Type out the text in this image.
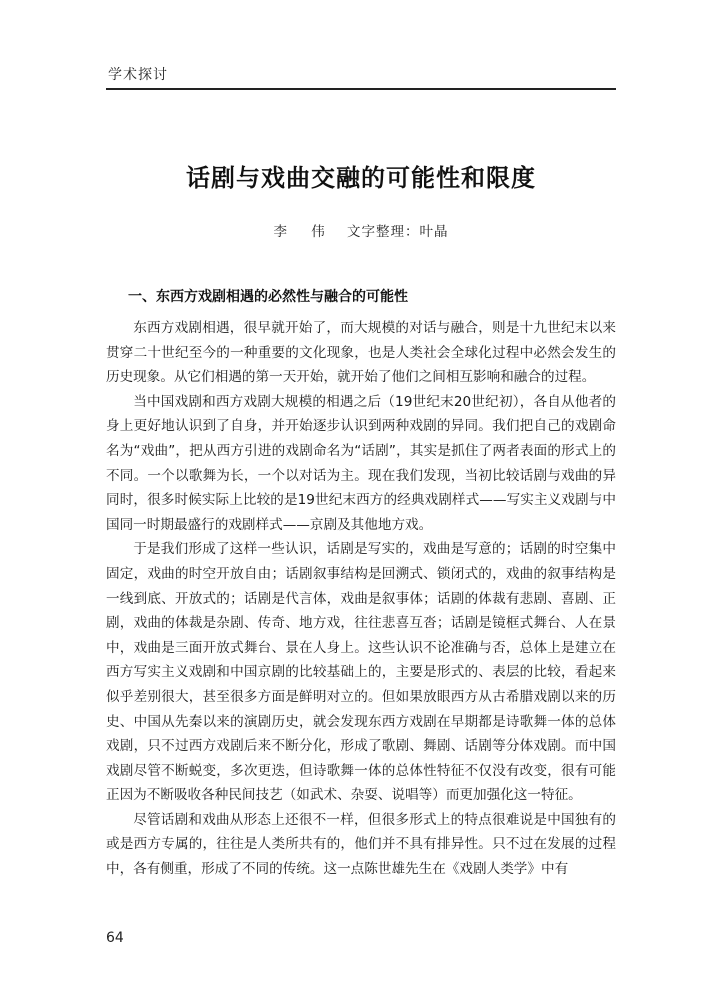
学术探讨
话剧与戏曲交融的可能性和限度
李 伟 文字整理：叶晶
一、东西方戏剧相遇的必然性与融合的可能性

东西方戏剧相遇，很早就开始了，而大规模的对话与融合，则是十九世纪末以来贯穿二十世纪至今的一种重要的文化现象，也是人类社会全球化过程中必然会发生的历史现象。从它们相遇的第一天开始，就开始了他们之间相互影响和融合的过程。

当中国戏剧和西方戏剧大规模的相遇之后（19世纪末20世纪初），各自从他者的身上更好地认识到了自身，并开始逐步认识到两种戏剧的异同。我们把自己的戏剧命名为“戏曲”，把从西方引进的戏剧命名为“话剧”，其实是抓住了两者表面的形式上的不同。一个以歌舞为长，一个以对话为主。现在我们发现，当初比较话剧与戏曲的异同时，很多时候实际上比较的是19世纪末西方的经典戏剧样式——写实主义戏剧与中国同一时期最盛行的戏剧样式——京剧及其他地方戏。

于是我们形成了这样一些认识，话剧是写实的，戏曲是写意的；话剧的时空集中固定，戏曲的时空开放自由；话剧叙事结构是回溯式、锁闭式的，戏曲的叙事结构是一线到底、开放式的；话剧是代言体，戏曲是叙事体；话剧的体裁有悲剧、喜剧、正剧，戏曲的体裁是杂剧、传奇、地方戏，往往悲喜互沓；话剧是镜框式舞台、人在景中，戏曲是三面开放式舞台、景在人身上。这些认识不论准确与否，总体上是建立在西方写实主义戏剧和中国京剧的比较基础上的，主要是形式的、表层的比较，看起来似乎差别很大，甚至很多方面是鲜明对立的。但如果放眼西方从古希腊戏剧以来的历史、中国从先秦以来的演剧历史，就会发现东西方戏剧在早期都是诗歌舞一体的总体戏剧，只不过西方戏剧后来不断分化，形成了歌剧、舞剧、话剧等分体戏剧。而中国戏剧尽管不断蜕变，多次更迭，但诗歌舞一体的总体性特征不仅没有改变，很有可能正因为不断吸收各种民间技艺（如武术、杂耍、说唱等）而更加强化这一特征。

尽管话剧和戏曲从形态上还很不一样，但很多形式上的特点很难说是中国独有的或是西方专属的，往往是人类所共有的，他们并不具有排异性。只不过在发展的过程中，各有侧重，形成了不同的传统。这一点陈世雄先生在《戏剧人类学》中有

64
